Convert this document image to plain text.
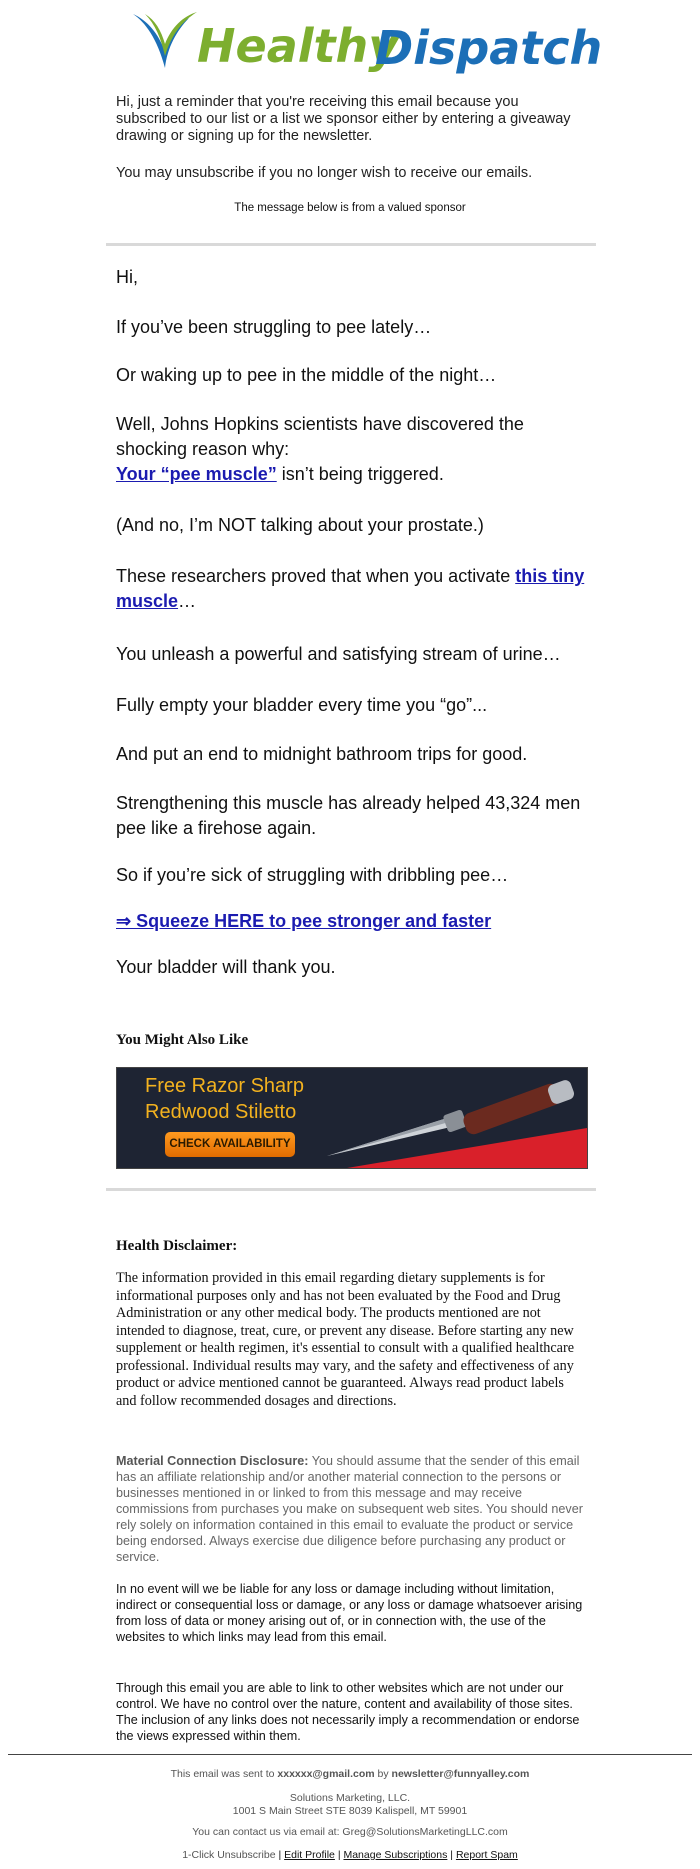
Healthy
Dispatch

Hi, just a reminder that you're receiving this email because you subscribed to our list or a list we sponsor either by entering a giveaway drawing or signing up for the newsletter.

You may unsubscribe if you no longer wish to receive our emails.

The message below is from a valued sponsor

Hi,

If you’ve been struggling to pee lately…

Or waking up to pee in the middle of the night…

Well, Johns Hopkins scientists have discovered the shocking reason why:

Your “pee muscle” isn’t being triggered.

(And no, I’m NOT talking about your prostate.)

These researchers proved that when you activate this tiny muscle…

You unleash a powerful and satisfying stream of urine…

Fully empty your bladder every time you “go”...

And put an end to midnight bathroom trips for good.

Strengthening this muscle has already helped 43,324 men pee like a firehose again.

So if you’re sick of struggling with dribbling pee…

⇒ Squeeze HERE to pee stronger and faster

Your bladder will thank you.

You Might Also Like
Free Razor Sharp
Redwood Stiletto
CHECK AVAILABILITY
Health Disclaimer:
The information provided in this email regarding dietary supplements is for informational purposes only and has not been evaluated by the Food and Drug Administration or any other medical body. The products mentioned are not intended to diagnose, treat, cure, or prevent any disease. Before starting any new supplement or health regimen, it's essential to consult with a qualified healthcare professional. Individual results may vary, and the safety and effectiveness of any product or advice mentioned cannot be guaranteed. Always read product labels and follow recommended dosages and directions.
Material Connection Disclosure: You should assume that the sender of this email has an affiliate relationship and/or another material connection to the persons or businesses mentioned in or linked to from this message and may receive commissions from purchases you make on subsequent web sites. You should never rely solely on information contained in this email to evaluate the product or service being endorsed. Always exercise due diligence before purchasing any product or service.
In no event will we be liable for any loss or damage including without limitation, indirect or consequential loss or damage, or any loss or damage whatsoever arising from loss of data or money arising out of, or in connection with, the use of the websites to which links may lead from this email.
Through this email you are able to link to other websites which are not under our control. We have no control over the nature, content and availability of those sites. The inclusion of any links does not necessarily imply a recommendation or endorse the views expressed within them.
This email was sent to xxxxxx@gmail.com by newsletter@funnyalley.com
Solutions Marketing, LLC.
1001 S Main Street STE 8039 Kalispell, MT 59901
You can contact us via email at: Greg@SolutionsMarketingLLC.com
1-Click Unsubscribe | Edit Profile | Manage Subscriptions | Report Spam
